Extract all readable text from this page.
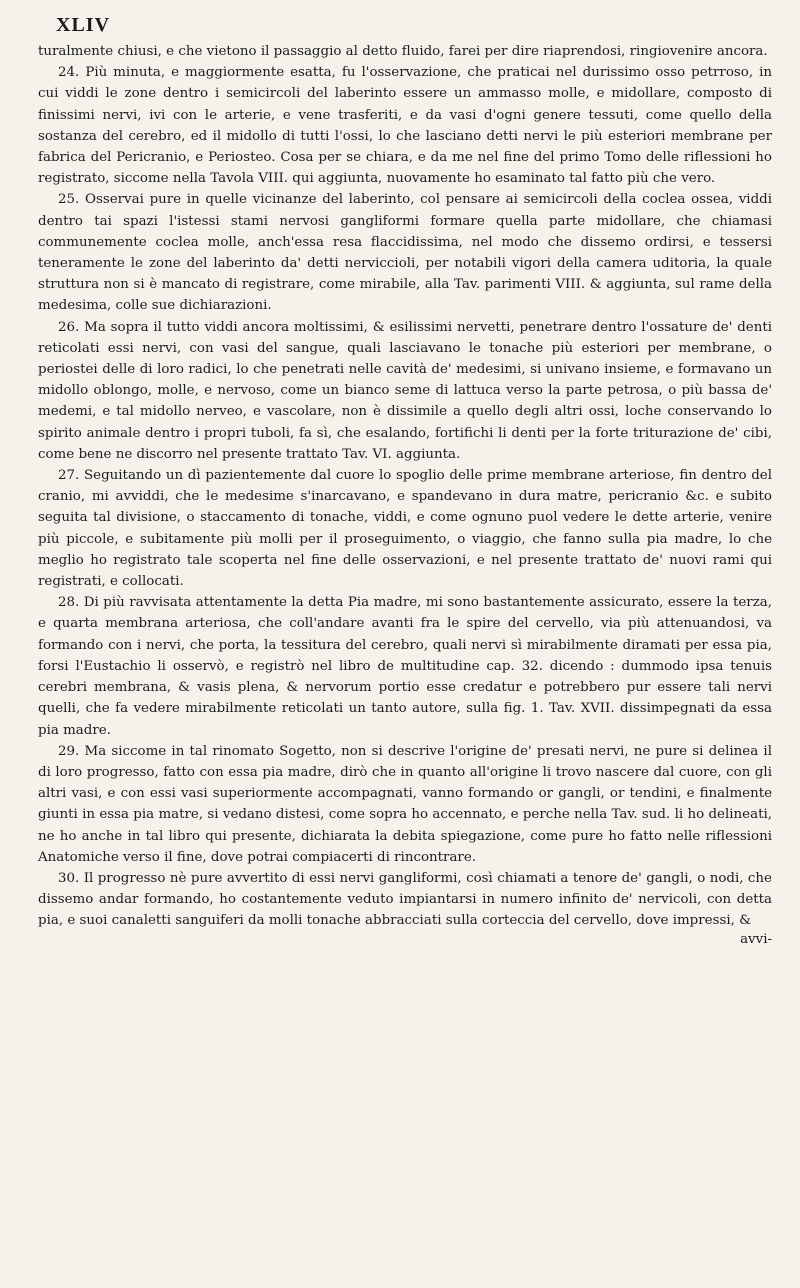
XLIV

turalmente chiusi, e che vietono il passaggio al detto fluido, farei per dire riaprendosi, ringiovenire ancora.

24. Più minuta, e maggiormente esatta, fu l'osservazione, che praticai nel durissimo osso petrroso, in cui viddi le zone dentro i semicircoli del laberinto essere un ammasso molle, e midollare, composto di finissimi nervi, ivi con le arterie, e vene trasferiti, e da vasi d'ogni genere tessuti, come quello della sostanza del cerebro, ed il midollo di tutti l'ossi, lo che lasciano detti nervi le più esteriori membrane per fabrica del Pericranio, e Periosteo. Cosa per se chiara, e da me nel fine del primo Tomo delle riflessioni ho registrato, siccome nella Tavola VIII. qui aggiunta, nuovamente ho esaminato tal fatto più che vero.

25. Osservai pure in quelle vicinanze del laberinto, col pensare ai semicircoli della coclea ossea, viddi dentro tai spazi l'istessi stami nervosi gangliformi formare quella parte midollare, che chiamasi communemente coclea molle, anch'essa resa flaccidissima, nel modo che dissemo ordirsi, e tessersi teneramente le zone del laberinto da' detti nervicciolі, per notabili vigori della camera uditoria, la quale struttura non si è mancato di registrare, come mirabile, alla Tav. parimenti VIII. & aggiunta, sul rame della medesima, colle sue dichiarazioni.

26. Ma sopra il tutto viddi ancora moltissimi, & esilissimi nervetti, penetrare dentro l'ossature de' denti reticolati essi nervi, con vasi del sangue, quali lasciavano le tonache più esteriori per membrane, o periostei delle di loro radici, lo che penetrati nelle cavità de' medesimi, si univano insieme, e formavano un midollo oblongo, molle, e nervoso, come un bianco seme di lattuca verso la parte petrosa, o più bassa de' medemi, e tal midollo nerveo, e vascolare, non è dissimile a quello degli altri ossi, loche conservando lo spirito animale dentro i propri tuboli, fa sì, che esalando, fortifichi li denti per la forte triturazione de' cibi, come bene ne discorro nel presente trattato Tav. VI. aggiunta.

27. Seguitando un dì pazientemente dal cuore lo spoglio delle prime membrane arteriose, fin dentro del cranio, mi avviddi, che le medesime s'inarcavano, e spandevano in dura matre, pericranio &c. e subito seguita tal divisione, o staccamento di tonache, viddi, e come ognuno puol vedere le dette arterie, venire più piccole, e subitamente più molli per il proseguimento, o viaggio, che fanno sulla pia madre, lo che meglio ho registrato tale scoperta nel fine delle osservazioni, e nel presente trattato de' nuovi rami qui registrati, e collocati.

28. Di più ravvisata attentamente la detta Pia madre, mi sono bastantemente assicurato, essere la terza, e quarta membrana arteriosa, che coll'andare avanti fra le spire del cervello, via più attenuandosi, va formando con i nervi, che porta, la tessitura del cerebro, quali nervi sì mirabilmente diramati per essa pia, forsi l'Eustachio li osservò, e registrò nel libro de multitudine cap. 32. dicendo : dummodo ipsa tenuis cerebri membrana, & vasis plena, & nervorum portio esse credatur e potrebbero pur essere tali nervi quelli, che fa vedere mirabilmente reticolati un tanto autore, sulla fig. 1. Tav. XVII. dissimpegnati da essa pia madre.

29. Ma siccome in tal rinomato Sogetto, non si descrive l'origine de' presati nervi, ne pure si delinea il di loro progresso, fatto con essa pia madre, dirò che in quanto all'origine li trovo nascere dal cuore, con gli altri vasi, e con essi vasi superiormente accompagnati, vanno formando or gangli, or tendini, e finalmente giunti in essa pia matre, si vedano distesi, come sopra ho accennato, e perche nella Tav. sud. li ho delineati, ne ho anche in tal libro qui presente, dichiarata la debita spiegazione, come pure ho fatto nelle riflessioni Anatomiche verso il fine, dove potrai compiacerti di rincontrare.

30. Il progresso nè pure avvertito di essi nervi gangliformi, così chiamati a tenore de' gangli, o nodi, che dissemo andar formando, ho costantemente veduto impiantarsi in numero infinito de' nervicoli, con detta pia, e suoi canaletti sanguiferi da molli tonache abbracciati sulla corteccia del cervello, dove impressi, &

avvi-
